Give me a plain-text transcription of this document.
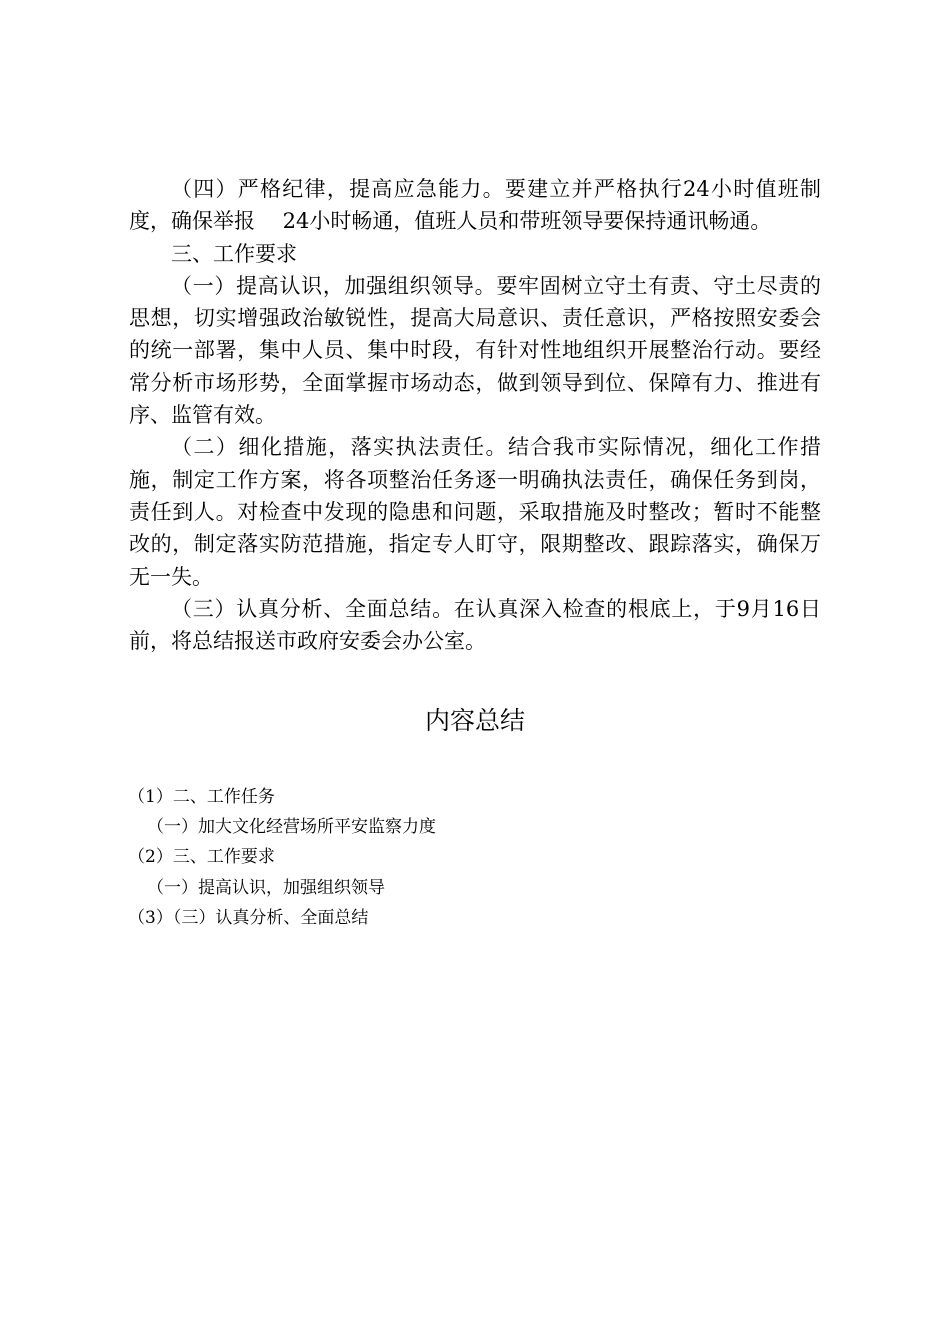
（四）严格纪律，提高应急能力。要建立并严格执行24小时值班制度，确保举报　 24小时畅通，值班人员和带班领导要保持通讯畅通。

三、工作要求

（一）提高认识，加强组织领导。要牢固树立守土有责、守土尽责的思想，切实增强政治敏锐性，提高大局意识、责任意识，严格按照安委会的统一部署，集中人员、集中时段，有针对性地组织开展整治行动。要经常分析市场形势，全面掌握市场动态，做到领导到位、保障有力、推进有序、监管有效。

（二）细化措施，落实执法责任。结合我市实际情况，细化工作措施，制定工作方案，将各项整治任务逐一明确执法责任，确保任务到岗，责任到人。对检查中发现的隐患和问题，采取措施及时整改；暂时不能整改的，制定落实防范措施，指定专人盯守，限期整改、跟踪落实，确保万无一失。

（三）认真分析、全面总结。在认真深入检查的根底上，于9月16日前，将总结报送市政府安委会办公室。

内容总结
（1）二、工作任务
（一）加大文化经营场所平安监察力度
（2）三、工作要求
（一）提高认识，加强组织领导
（3）（三）认真分析、全面总结
